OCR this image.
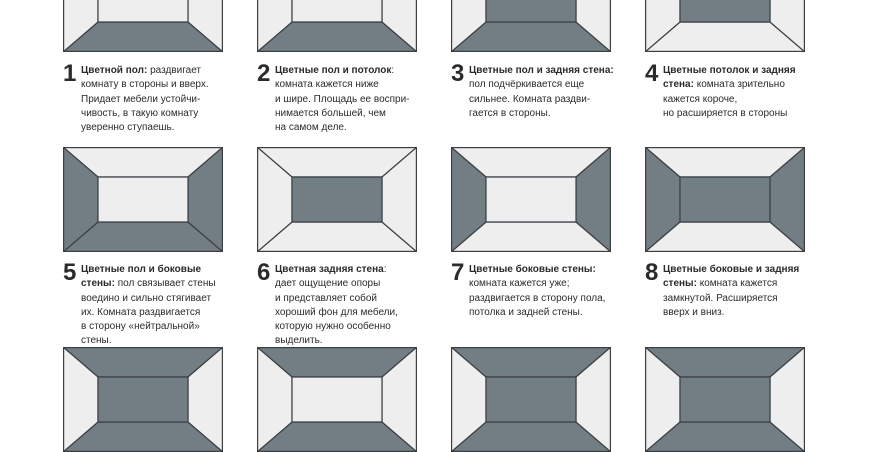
1 Цветной пол: раздвигает
комнату в стороны и вверх.
Придает мебели устойчи-
чивость, в такую комнату
уверенно ступаешь.
2 Цветные пол и потолок:
комната кажется ниже
и шире. Площадь ее воспри-
нимается большей, чем
на самом деле.
3 Цветные пол и задняя стена:
пол подчёркивается еще
сильнее. Комната раздви-
гается в стороны.
4 Цветные потолок и задняя
стена: комната зрительно
кажется короче,
но расширяется в стороны
5 Цветные пол и боковые
стены: пол связывает стены
воедино и сильно стягивает
их. Комната раздвигается
в сторону «нейтральной»
стены.
6 Цветная задняя стена:
дает ощущение опоры
и представляет собой
хороший фон для мебели,
которую нужно особенно
выделить.
7 Цветные боковые стены:
комната кажется уже;
раздвигается в сторону пола,
потолка и задней стены.
8 Цветные боковые и задняя
стены: комната кажется
замкнутой. Расширяется
вверх и вниз.
